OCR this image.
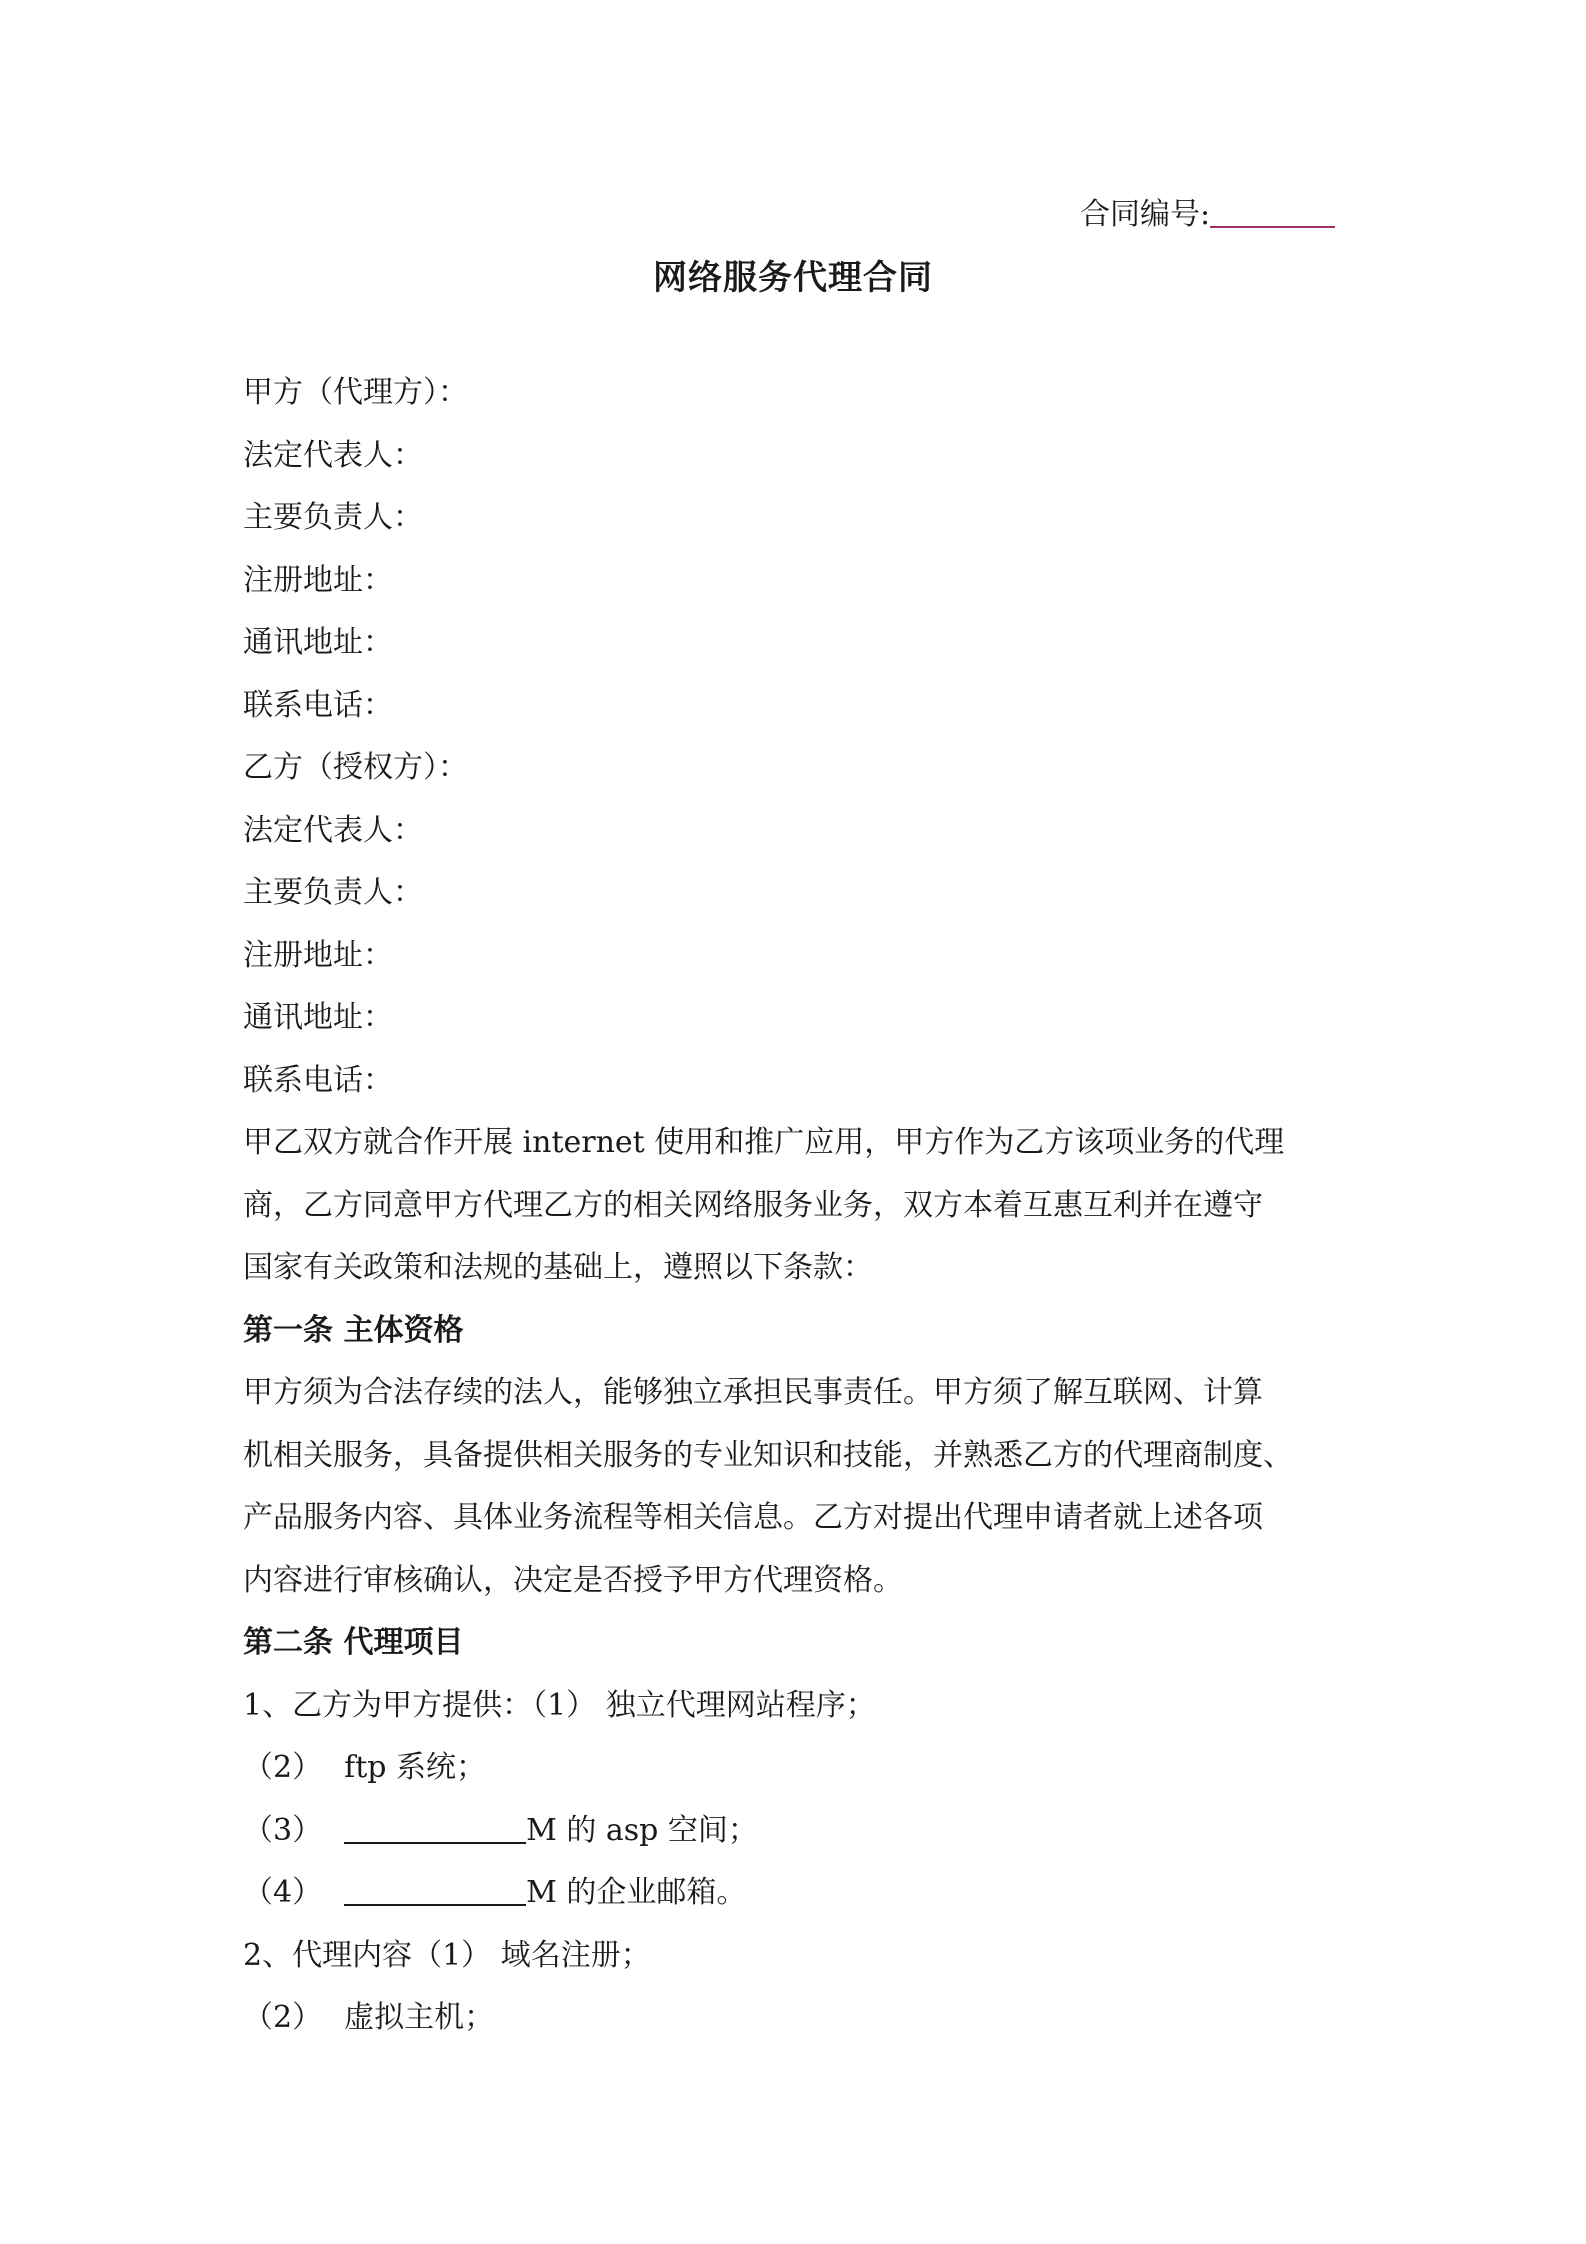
合同编号:
网络服务代理合同
甲方（代理方）：
法定代表人：
主要负责人：
注册地址：
通讯地址：
联系电话：
乙方（授权方）：
法定代表人：
主要负责人：
注册地址：
通讯地址：
联系电话：
甲乙双方就合作开展 internet 使用和推广应用，甲方作为乙方该项业务的代理
商，乙方同意甲方代理乙方的相关网络服务业务，双方本着互惠互利并在遵守
国家有关政策和法规的基础上，遵照以下条款：
第一条 主体资格
甲方须为合法存续的法人，能够独立承担民事责任。甲方须了解互联网、计算
机相关服务，具备提供相关服务的专业知识和技能，并熟悉乙方的代理商制度、
产品服务内容、具体业务流程等相关信息。乙方对提出代理申请者就上述各项
内容进行审核确认，决定是否授予甲方代理资格。
第二条 代理项目
1、乙方为甲方提供：（1） 独立代理网站程序；
（2） ftp 系统；
（3）	M 的 asp 空间；
（4）	M 的企业邮箱。
2、代理内容（1） 域名注册；
（2） 虚拟主机；
